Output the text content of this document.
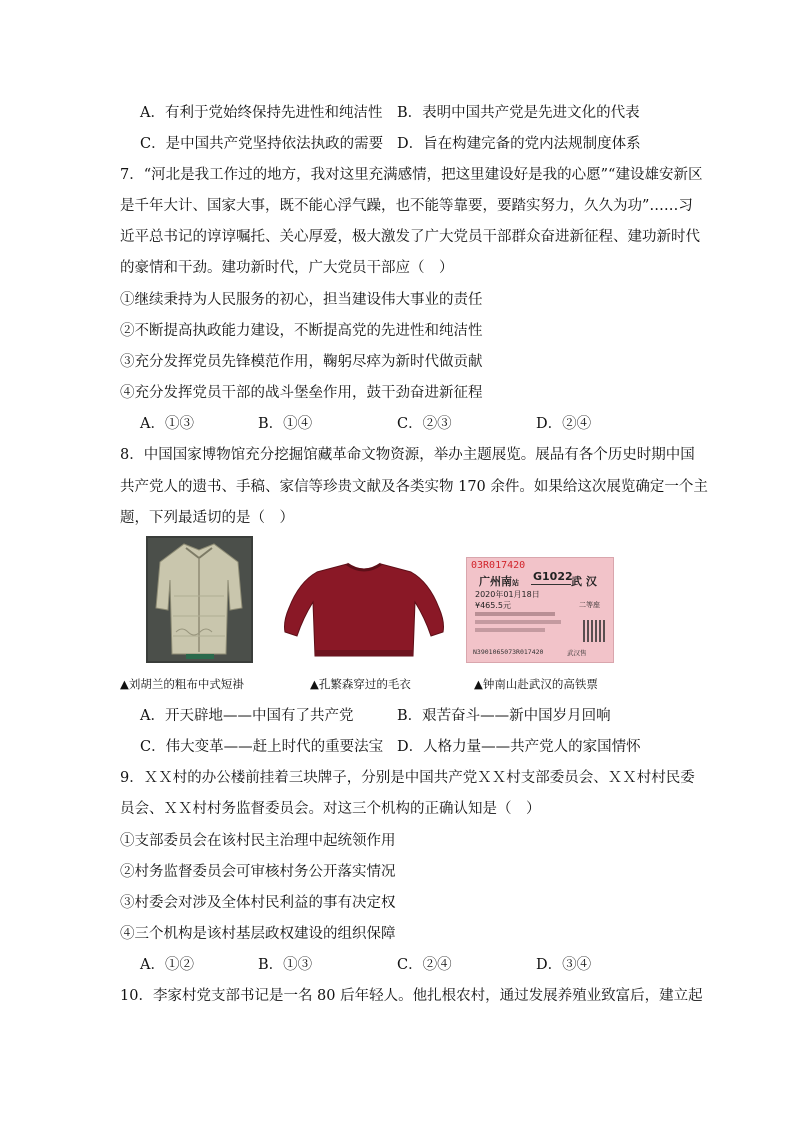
A．有利于党始终保持先进性和纯洁性 B．表明中国共产党是先进文化的代表
C．是中国共产党坚持依法执政的需要 D．旨在构建完备的党内法规制度体系
7．“河北是我工作过的地方，我对这里充满感情，把这里建设好是我的心愿”“建设雄安新区
是千年大计、国家大事，既不能心浮气躁，也不能等靠要，要踏实努力，久久为功”……习
近平总书记的谆谆嘱托、关心厚爱，极大激发了广大党员干部群众奋进新征程、建功新时代
的豪情和干劲。建功新时代，广大党员干部应（　）
①继续秉持为人民服务的初心，担当建设伟大事业的责任
②不断提高执政能力建设，不断提高党的先进性和纯洁性
③充分发挥党员先锋模范作用，鞠躬尽瘁为新时代做贡献
④充分发挥党员干部的战斗堡垒作用，鼓干劲奋进新征程
A．①③	B．①④	C．②③	D．②④
8．中国国家博物馆充分挖掘馆藏革命文物资源，举办主题展览。展品有各个历史时期中国
共产党人的遗书、手稿、家信等珍贵文献及各类实物 170 余件。如果给这次展览确定一个主
题，下列最适切的是（　）
03R017420
广州南站 G1022
武 汉
2020年01月18日
¥465.5元	二等座
N3901065073R017420	武汉售
▲刘胡兰的粗布中式短褂	▲孔繁森穿过的毛衣	▲钟南山赴武汉的高铁票
A．开天辟地——中国有了共产党	B．艰苦奋斗——新中国岁月回响
C．伟大变革——赶上时代的重要法宝 D．人格力量——共产党人的家国情怀
9．ＸＸ村的办公楼前挂着三块牌子，分别是中国共产党ＸＸ村支部委员会、ＸＸ村村民委
员会、ＸＸ村村务监督委员会。对这三个机构的正确认知是（　）
①支部委员会在该村民主治理中起统领作用
②村务监督委员会可审核村务公开落实情况
③村委会对涉及全体村民利益的事有决定权
④三个机构是该村基层政权建设的组织保障
A．①②	B．①③	C．②④	D．③④
10．李家村党支部书记是一名 80 后年轻人。他扎根农村，通过发展养殖业致富后，建立起
